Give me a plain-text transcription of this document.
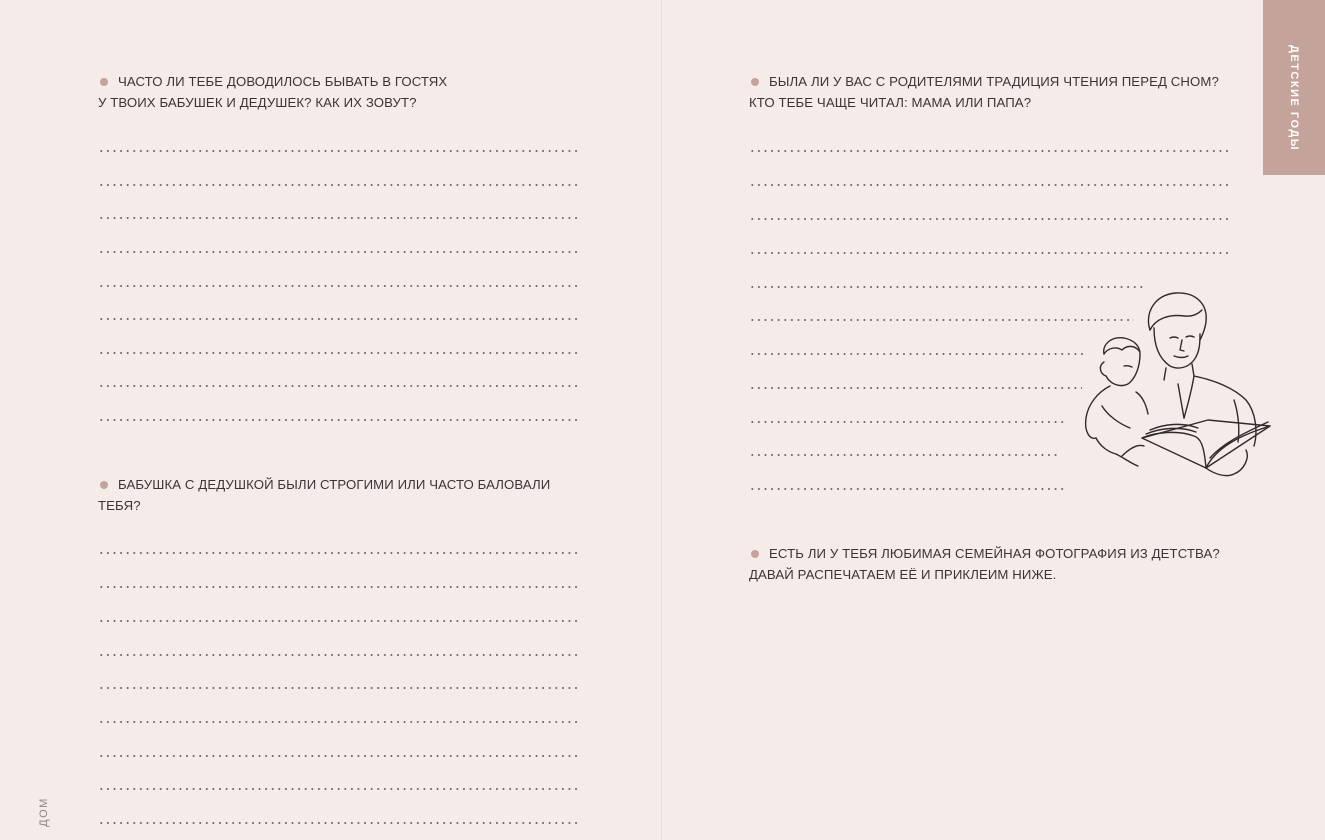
ЧАСТО ЛИ ТЕБЕ ДОВОДИЛОСЬ БЫВАТЬ В ГОСТЯХ
У ТВОИХ БАБУШЕК И ДЕДУШЕК? КАК ИХ ЗОВУТ?
БАБУШКА С ДЕДУШКОЙ БЫЛИ СТРОГИМИ ИЛИ ЧАСТО БАЛОВАЛИ
ТЕБЯ?
ДОМ
БЫЛА ЛИ У ВАС С РОДИТЕЛЯМИ ТРАДИЦИЯ ЧТЕНИЯ ПЕРЕД СНОМ?
КТО ТЕБЕ ЧАЩЕ ЧИТАЛ: МАМА ИЛИ ПАПА?
ЕСТЬ ЛИ У ТЕБЯ ЛЮБИМАЯ СЕМЕЙНАЯ ФОТОГРАФИЯ ИЗ ДЕТСТВА?
ДАВАЙ РАСПЕЧАТАЕМ ЕЁ И ПРИКЛЕИМ НИЖЕ.
ДЕТСКИЕ ГОДЫ
